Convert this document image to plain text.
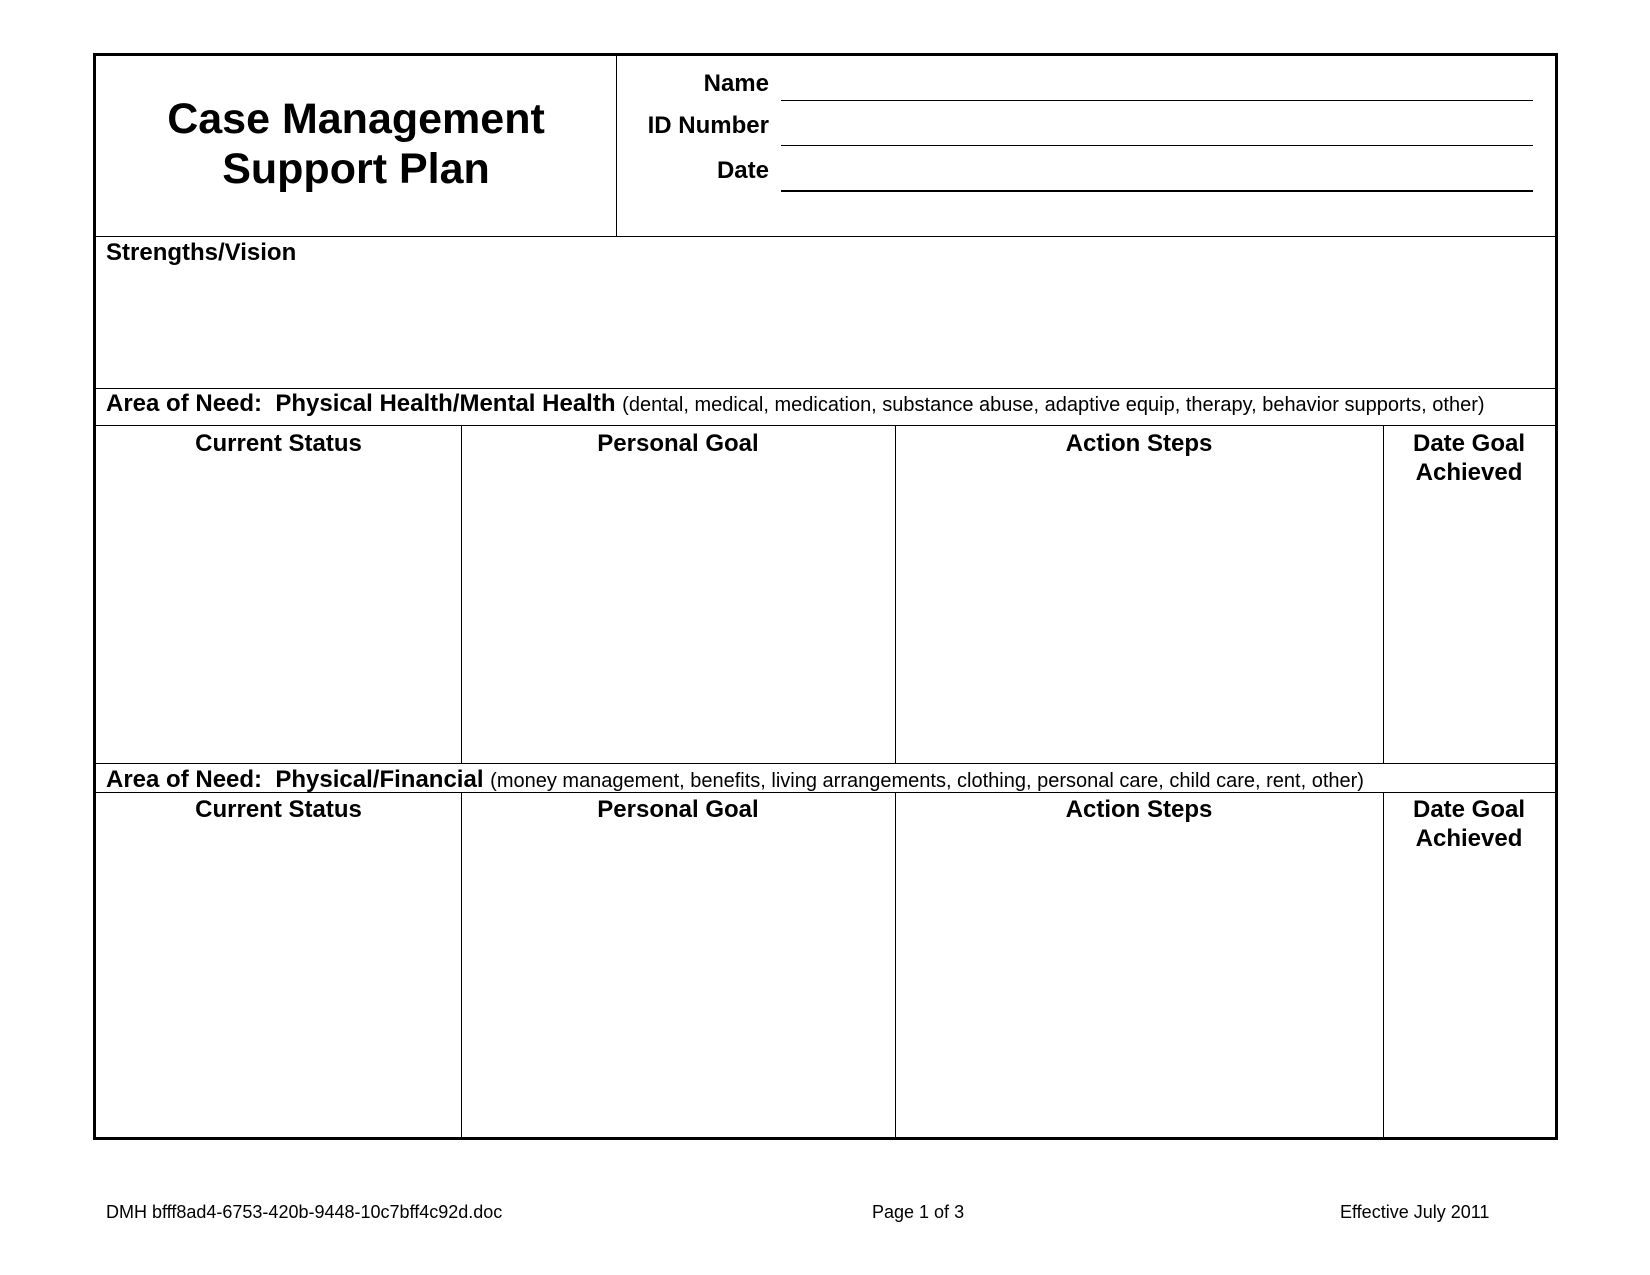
Case Management
Support Plan
Name
ID Number
Date
Strengths/Vision
Area of Need: Physical Health/Mental Health (dental, medical, medication, substance abuse, adaptive equip, therapy, behavior supports, other)
Current Status	Personal Goal	Action Steps	Date Goal
Achieved
Area of Need: Physical/Financial (money management, benefits, living arrangements, clothing, personal care, child care, rent, other)
Current Status	Personal Goal	Action Steps	Date Goal
Achieved
DMH bfff8ad4-6753-420b-9448-10c7bff4c92d.doc	Page 1 of 3	Effective July 2011
